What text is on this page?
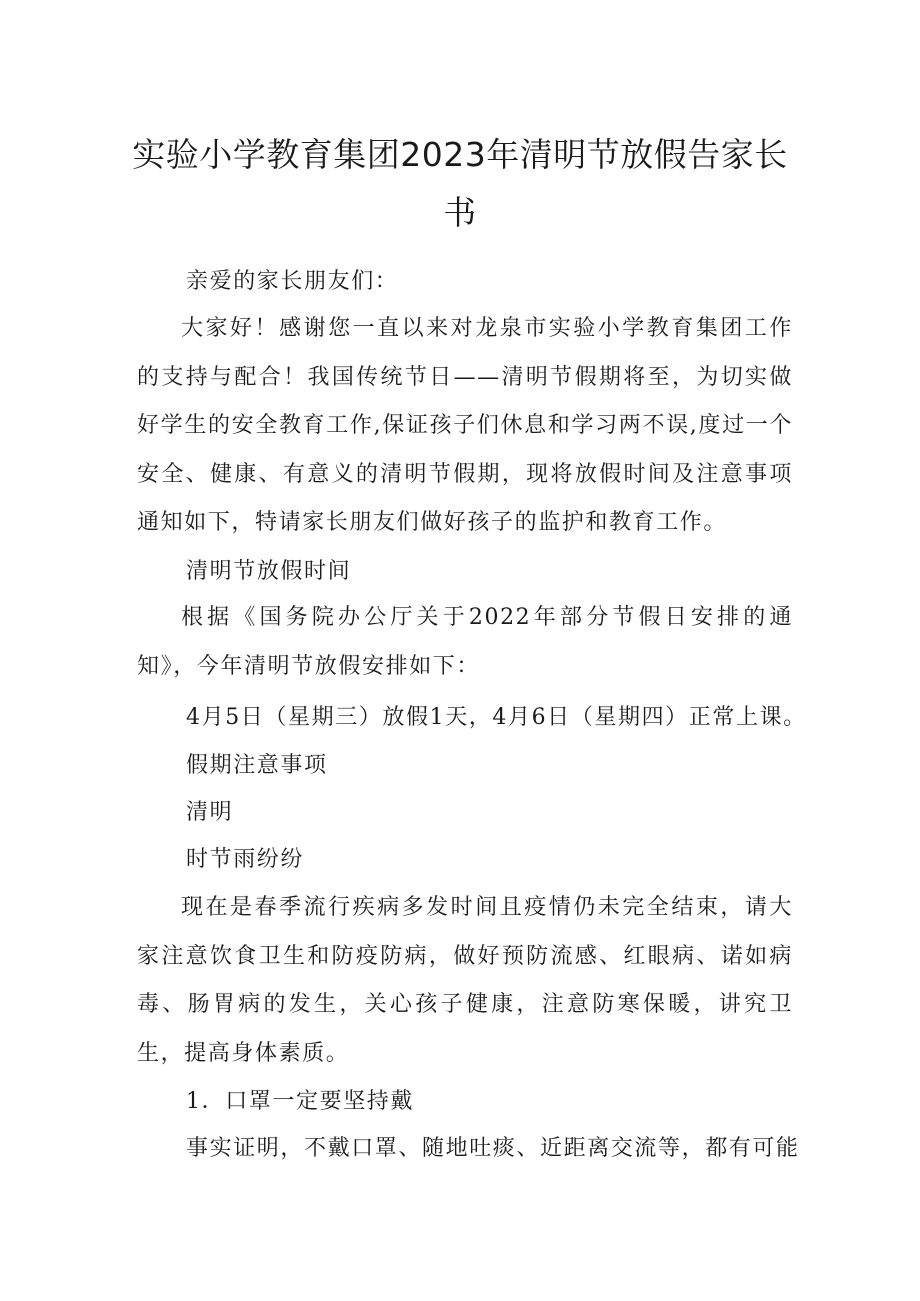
实验小学教育集团2023年清明节放假告家长书
亲爱的家长朋友们：

大家好！感谢您一直以来对龙泉市实验小学教育集团工作的支持与配合！我国传统节日——清明节假期将至，为切实做好学生的安全教育工作,保证孩子们休息和学习两不误,度过一个安全、健康、有意义的清明节假期，现将放假时间及注意事项通知如下，特请家长朋友们做好孩子的监护和教育工作。

清明节放假时间

根据《国务院办公厅关于2022年部分节假日安排的通知》，今年清明节放假安排如下：

4月5日（星期三）放假1天，4月6日（星期四）正常上课。
假期注意事项
清明
时节雨纷纷

现在是春季流行疾病多发时间且疫情仍未完全结束，请大家注意饮食卫生和防疫防病，做好预防流感、红眼病、诺如病毒、肠胃病的发生，关心孩子健康，注意防寒保暖，讲究卫生，提高身体素质。

1．口罩一定要坚持戴
事实证明，不戴口罩、随地吐痰、近距离交流等，都有可能
